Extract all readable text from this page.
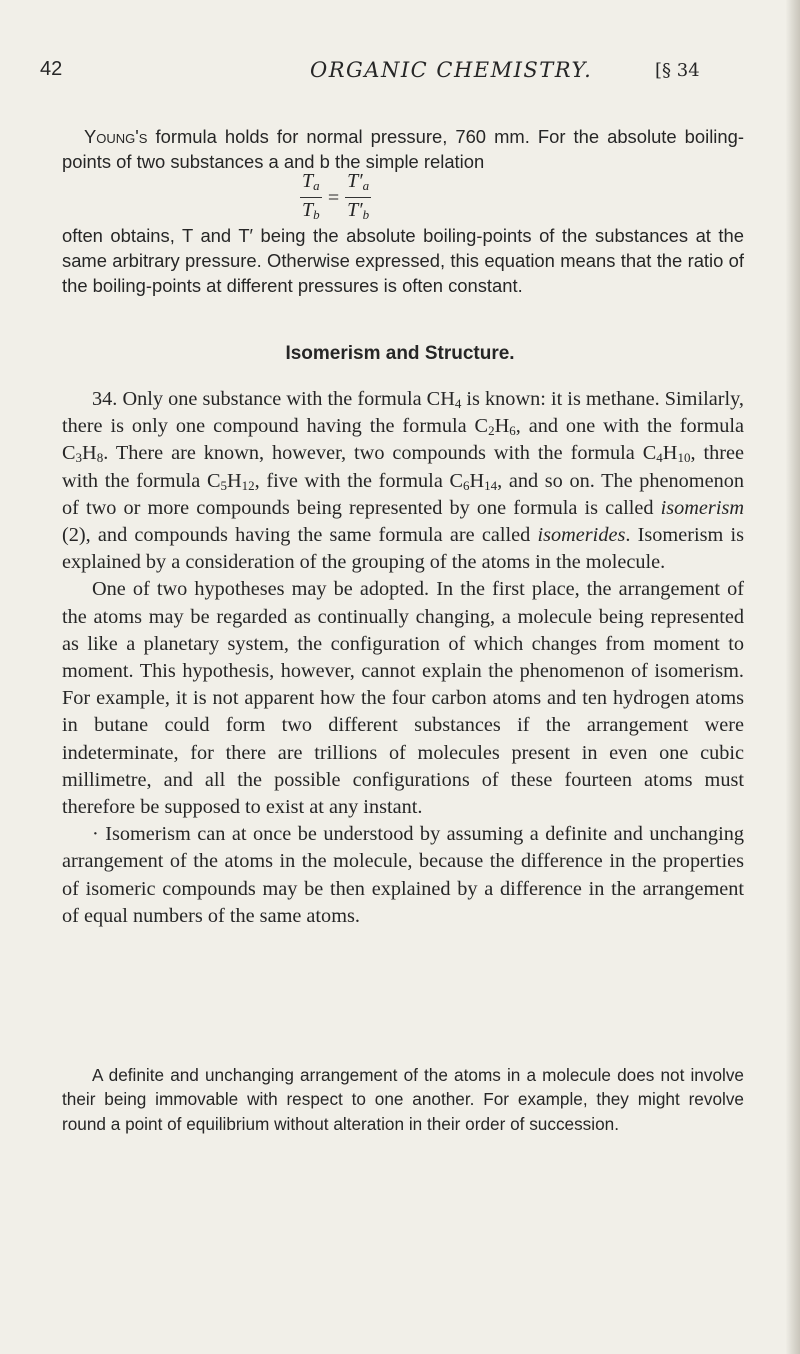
42	ORGANIC CHEMISTRY.	[§ 34
Young's formula holds for normal pressure, 760 mm. For the absolute boiling-points of two substances a and b the simple relation
$\frac{T_a}{T_b} = \frac{T'_a}{T'_b}$
often obtains, T and T′ being the absolute boiling-points of the substances at the same arbitrary pressure. Otherwise expressed, this equation means that the ratio of the boiling-points at different pressures is often constant.
Isomerism and Structure.

34. Only one substance with the formula $CH_4$ is known: it is methane. Similarly, there is only one compound having the formula $C_2H_6$, and one with the formula $C_3H_8$. There are known, however, two compounds with the formula $C_4H_{10}$, three with the formula $C_5H_{12}$, five with the formula $C_6H_{14}$, and so on. The phenomenon of two or more compounds being represented by one formula is called isomerism (2), and compounds having the same formula are called isomerides. Isomerism is explained by a consideration of the grouping of the atoms in the molecule.

One of two hypotheses may be adopted. In the first place, the arrangement of the atoms may be regarded as continually changing, a molecule being represented as like a planetary system, the configuration of which changes from moment to moment. This hypothesis, however, cannot explain the phenomenon of isomerism. For example, it is not apparent how the four carbon atoms and ten hydrogen atoms in butane could form two different substances if the arrangement were indeterminate, for there are trillions of molecules present in even one cubic millimetre, and all the possible configurations of these fourteen atoms must therefore be supposed to exist at any instant.

· Isomerism can at once be understood by assuming a definite and unchanging arrangement of the atoms in the molecule, because the difference in the properties of isomeric compounds may be then explained by a difference in the arrangement of equal numbers of the same atoms.

A definite and unchanging arrangement of the atoms in a molecule does not involve their being immovable with respect to one another. For example, they might revolve round a point of equilibrium without alteration in their order of succession.
